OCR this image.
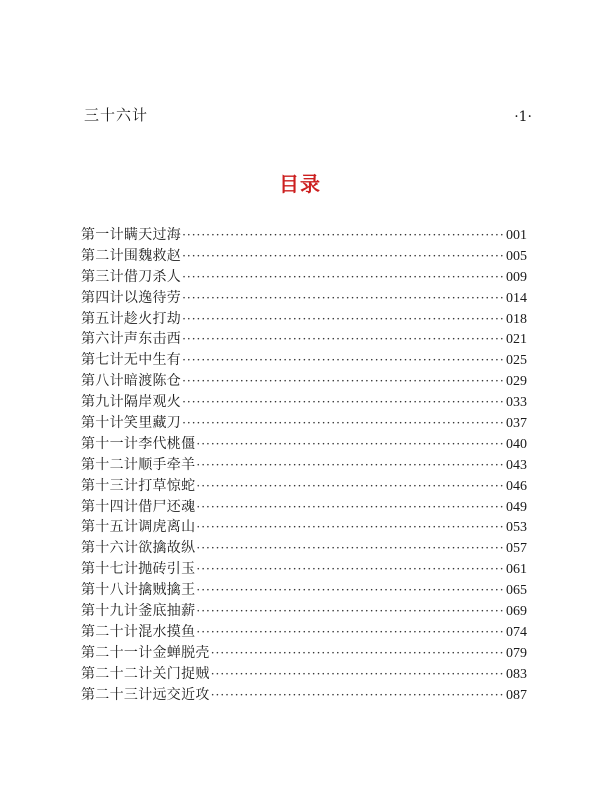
三十六计	·1·
目录
第一计瞒天过海 ·····	001
第二计围魏救赵 ·····	005
第三计借刀杀人 ·····	009
第四计以逸待劳 ·····	014
第五计趁火打劫 ·····	018
第六计声东击西 ·····	021
第七计无中生有 ·····	025
第八计暗渡陈仓 ·····	029
第九计隔岸观火 ·····	033
第十计笑里藏刀 ·····	037
第十一计李代桃僵 ·····	040
第十二计顺手牵羊 ·····	043
第十三计打草惊蛇 ·····	046
第十四计借尸还魂 ·····	049
第十五计调虎离山 ·····	053
第十六计欲擒故纵 ·····	057
第十七计抛砖引玉 ·····	061
第十八计擒贼擒王 ·····	065
第十九计釜底抽薪 ·····	069
第二十计混水摸鱼 ·····	074
第二十一计金蝉脱壳 ·····	079
第二十二计关门捉贼 ·····	083
第二十三计远交近攻 ·····	087
